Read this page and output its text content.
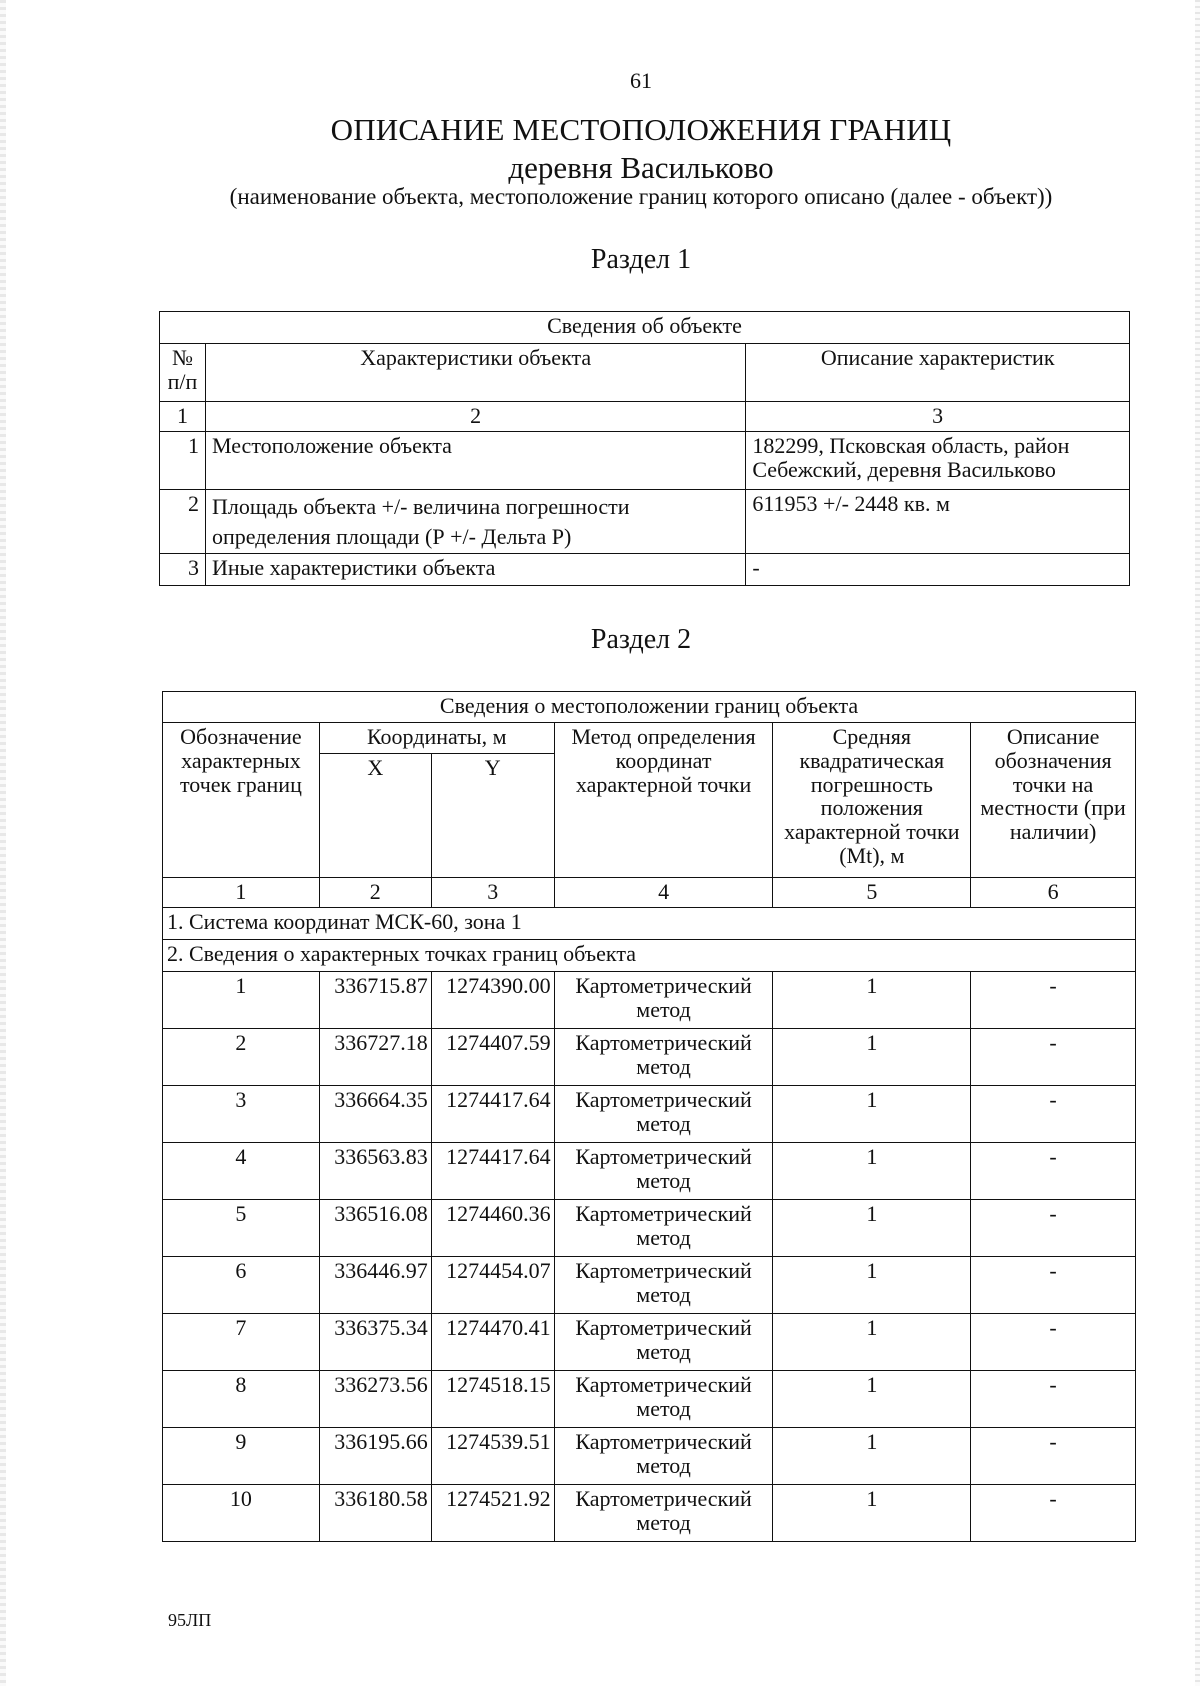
61
ОПИСАНИЕ МЕСТОПОЛОЖЕНИЯ ГРАНИЦ
деревня Васильково
(наименование объекта, местоположение границ которого описано (далее - объект))
Раздел 1
Сведения об объекте		
№ п/п	Характеристики объекта	Описание характеристик
1	2	3
1	Местоположение объекта	182299, Псковская область, район Себежский, деревня Васильково
2	Площадь объекта +/- величина погрешности определения площади (Р +/- Дельта Р)	611953 +/- 2448 кв. м
3	Иные характеристики объекта	-
Раздел 2
Сведения о местоположении границ объекта					
Обозначение характерных точек границ	Координаты, м		Метод определения координат характерной точки	Средняя квадратическая погрешность положения характерной точки (Mt), м	Описание обозначения точки на местности (при наличии)
	X	Y			
1	2	3	4	5	6
1. Система координат МСК-60, зона 1					
2. Сведения о характерных точках границ объекта					
1	336715.87	1274390.00	Картометрический метод	1	-
2	336727.18	1274407.59	Картометрический метод	1	-
3	336664.35	1274417.64	Картометрический метод	1	-
4	336563.83	1274417.64	Картометрический метод	1	-
5	336516.08	1274460.36	Картометрический метод	1	-
6	336446.97	1274454.07	Картометрический метод	1	-
7	336375.34	1274470.41	Картометрический метод	1	-
8	336273.56	1274518.15	Картометрический метод	1	-
9	336195.66	1274539.51	Картометрический метод	1	-
10	336180.58	1274521.92	Картометрический метод	1	-
95ЛП
